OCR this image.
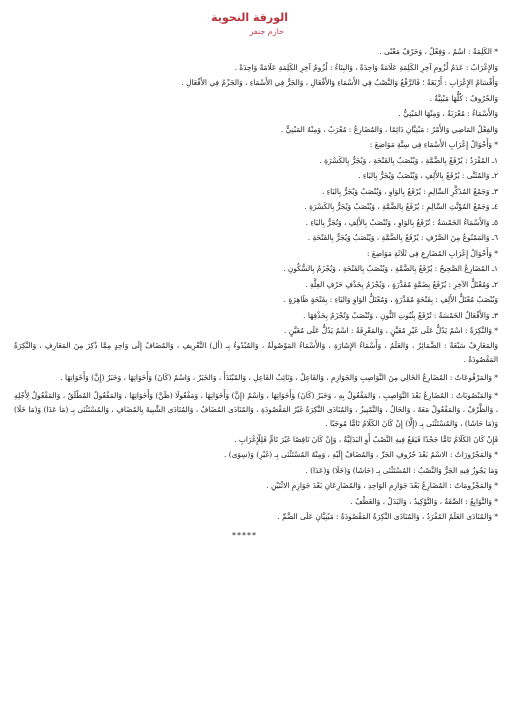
الورقة النحوية
حازم جنفر
* الكَلِمَةُ : اسْمٌ ، وَفِعْلٌ ، وَحَرْفٌ مَعْنًى .
وَالإِعْرَابُ : عَدَمُ لُزُومِ آخِرِ الكَلِمَةِ عَلَامَةً وَاحِدَةً ، وَالبِنَاءُ : لُزُومُ آخِرِ الكَلِمَةِ عَلَامَةً وَاحِدَةً .
وَأَقْسَامُ الإِعْرَابِ : أَرْبَعَةٌ ؛ فَالرَّفْعُ وَالنَّصْبُ فِي الأَسْمَاءِ وَالأَفْعَالِ ، وَالجَرُّ فِي الأَسْمَاءِ ، وَالجَزْمُ فِي الأَفْعَالِ .
وَالحُرُوفُ : كُلُّهَا مَبْنِيَّةٌ .
وَالأَسْمَاءُ : مُعْرَبَةٌ ، وَمِنْهَا المَبْنِيُّ .
وَالفِعْلُ المَاضِي وَالأَمْرُ : مَبْنِيَّانِ دَائِمًا ، وَالمُضَارِعُ : مُعْرَبٌ ، وَمِنْهُ المَبْنِيُّ .
* وَأَحْوَالُ إِعْرَابِ الأَسْمَاءِ فِي سِتَّةِ مَوَاضِعَ :
١ـ المُفْرَدُ : يُرْفَعُ بِالضَّمَّةِ ، وَيُنْصَبُ بِالفَتْحَةِ ، وَيُجَرُّ بِالكَسْرَةِ .
٢ـ وَالمُثَنَّى : يُرْفَعُ بِالأَلِفِ ، وَيُنْصَبُ وَيُجَرُّ بِاليَاءِ .
٣ـ وَجَمْعُ المُذَكَّرِ السَّالِمِ : يُرْفَعُ بِالوَاوِ ، وَيُنْصَبُ وَيُجَرُّ بِاليَاءِ .
٤ـ وَجَمْعُ المُؤَنَّثِ السَّالِمِ : يُرْفَعُ بِالضَّمَّةِ ، وَيُنْصَبُ وَيُجَرُّ بِالكَسْرَةِ .
٥ـ وَالأَسْمَاءُ الخَمْسَةُ : تُرْفَعُ بِالوَاوِ ، وَتُنْصَبُ بِالأَلِفِ ، وَتُجَرُّ بِاليَاءِ .
٦ـ وَالمَمْنُوعُ مِنَ الصَّرْفِ : يُرْفَعُ بِالضَّمَّةِ ، وَيُنْصَبُ وَيُجَرُّ بِالفَتْحَةِ .
* وَأَحْوَالُ إِعْرَابِ المُضَارِعِ فِي ثَلَاثَةِ مَوَاضِعَ :
١ـ المُضَارِعُ الصَّحِيحُ : يُرْفَعُ بِالضَّمَّةِ ، وَيُنْصَبُ بِالفَتْحَةِ ، وَيُجْزَمُ بِالسُّكُونِ .
٢ـ وَمُعْتَلُّ الآخِرِ : يُرْفَعُ بِضَمَّةٍ مُقَدَّرَةٍ ، وَيُجْزَمُ بِحَذْفِ حَرْفِ العِلَّةِ .
وَيُنْصَبُ مُعْتَلُّ الأَلِفِ : بِفَتْحَةٍ مُقَدَّرَةٍ ، وَمُعْتَلُّ الوَاوِ وَاليَاءِ : بِفَتْحَةٍ ظَاهِرَةٍ .
٣ـ وَالأَفْعَالُ الخَمْسَةُ : تُرْفَعُ بِثُبُوتِ النُّونِ ، وَتُنْصَبُ وَتُجْزَمُ بِحَذْفِهَا .
* وَالنَّكِرَةُ : اسْمٌ يَدُلُّ عَلَى غَيْرِ مُعَيَّنٍ ، وَالمَعْرِفَةُ : اسْمٌ يَدُلُّ عَلَى مُعَيَّنٍ .
وَالمَعَارِفُ سَبْعَةٌ : الضَّمَائِرُ ، وَالعَلَمُ ، وَأَسْمَاءُ الإِشَارَةِ ، وَالأَسْمَاءُ المَوْصُولَةُ ، وَالمُبْدُوءُ بِـ (أل) التَّعْرِيفِ ، وَالمُضَافُ إِلَى وَاحِدٍ مِمَّا ذُكِرَ مِنَ المَعَارِفِ ، وَالنَّكِرَةُ المَقْصُودَةُ .
* وَالمَرْفُوعَاتُ : المُضَارِعُ الخَالِي مِنَ النَّوَاصِبِ وَالجَوَازِمِ ، وَالفَاعِلُ ، وَنَائِبُ الفَاعِلِ ، وَالمُبْتَدَأُ ، وَالخَبَرُ ، وَاسْمُ (كَانَ) وَأَخَوَاتِهَا ، وَخَبَرُ (إِنَّ) وَأَخَوَاتِهَا .
* وَالمَنْصُوبَاتُ : المُضَارِعُ بَعْدَ النَّوَاصِبِ ، وَالمَفْعُولُ بِهِ ، وَخَبَرُ (كَانَ) وَأَخَوَاتِهَا ، وَاسْمُ (إِنَّ) وَأَخَوَاتِهَا ، وَمَفْعُولَا (ظَنَّ) وَأَخَوَاتِهَا ، وَالمَفْعُولُ المُطْلَقُ ، وَالمَفْعُولُ لِأَجْلِهِ ، وَالظَّرْفُ ، وَالمَفْعُولُ مَعَهُ ، وَالحَالُ ، وَالتَّمْيِيزُ ، وَالمُنَادَى النَّكِرَةُ غَيْرُ المَقْصُودَةِ ، وَالمُنَادَى المُضَافُ ، وَالمُنَادَى الشَّبِيهُ بِالمُضَافِ ، وَالمُسْتَثْنَى بِـ (مَا عَدَا) وَ(مَا خَلَا) وَ(مَا حَاشَا) ، وَالمُسْتَثْنَى بِـ (إِلَّا) إِنْ كَانَ الكَلَامُ تَامًّا مُوجَبًا .
فَإِنْ كَانَ الكَلَامُ تَامًّا جَحْدًا فَيَقَعُ فِيهِ النَّصْبُ أَوِ البَدَلِيَّةُ ، وَإِنْ كَانَ نَاقِصًا غَيْرَ تَامٍّ فَلِلْإِعْرَابِ .
* وَالمَجْرُورَاتُ : الاسْمُ بَعْدَ حُرُوفِ الجَرِّ ، وَالمُضَافُ إِلَيْهِ ، وَمِنْهُ المُسْتَثْنَى بِـ (غَيْرِ) وَ(سِوَى) .
وَمَا يَجُوزُ فِيهِ الجَرُّ وَالنَّصْبُ : المُسْتَثْنَى بِـ (حَاشَا) وَ(خَلَا) وَ(عَدَا) .
* وَالمَجْزُومَاتُ : المُضَارِعُ بَعْدَ جَوَازِمِ الوَاحِدِ ، وَالمُضَارِعَانِ بَعْدَ جَوَازِمِ الاثْنَيْنِ .
* وَالتَّوَابِعُ : الصِّفَةُ ، وَالتَّوْكِيدُ ، وَالبَدَلُ ، وَالعَطْفُ .
* وَالمُنَادَى العَلَمُ المُفْرَدُ ، وَالمُنَادَى النَّكِرَةُ المَقْصُودَةُ : مَبْنِيَّانِ عَلَى الضَّمِّ .
*****
